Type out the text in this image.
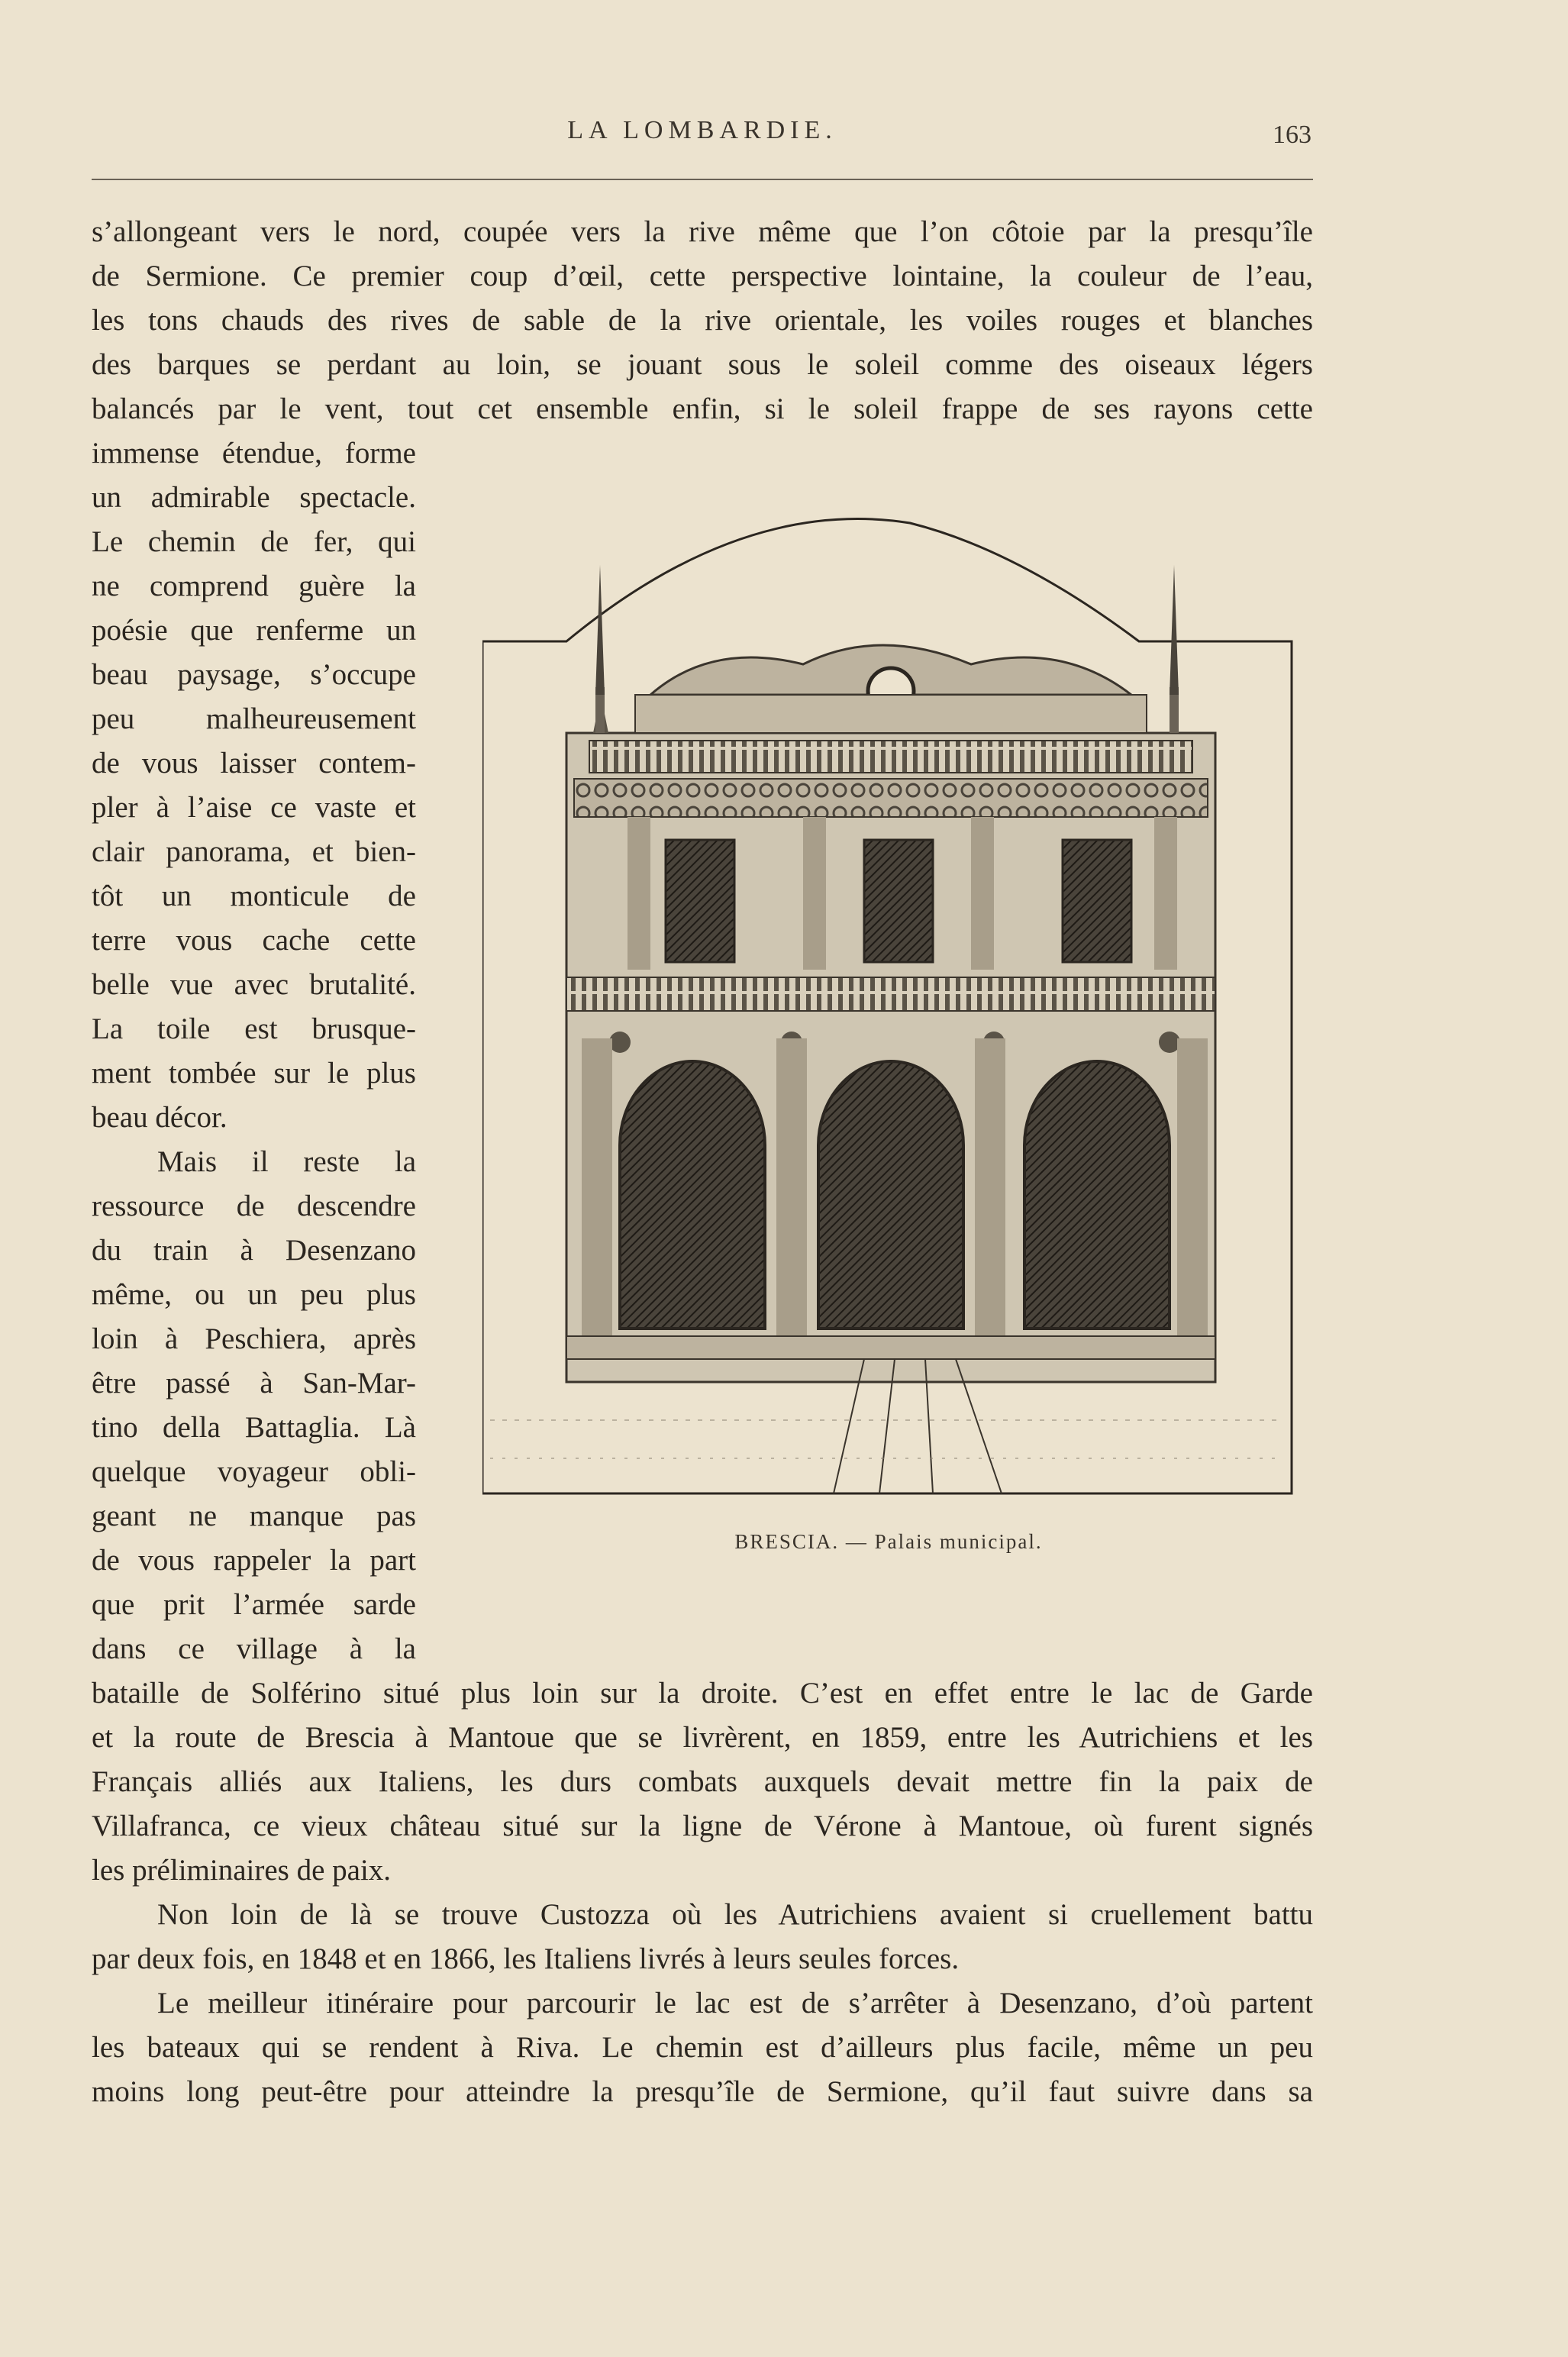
LA LOMBARDIE.	163
s’allongeant vers le nord, coupée vers la rive même que l’on côtoie par la presqu’île
de Sermione. Ce premier coup d’œil, cette perspective lointaine, la couleur de l’eau,
les tons chauds des rives de sable de la rive orientale, les voiles rouges et blanches
des barques se perdant au loin, se jouant sous le soleil comme des oiseaux légers
balancés par le vent, tout cet ensemble enfin, si le soleil frappe de ses rayons cette
immense étendue, forme
un admirable spectacle.
Le chemin de fer, qui
ne comprend guère la
poésie que renferme un
beau paysage, s’occupe
peu malheureusement
de vous laisser contem-
pler à l’aise ce vaste et
clair panorama, et bien-
tôt un monticule de
terre vous cache cette
belle vue avec brutalité.
La toile est brusque-
ment tombée sur le plus
beau décor.
Mais il reste la
ressource de descendre
du train à Desenzano
même, ou un peu plus
loin à Peschiera, après
être passé à San-Mar-
tino della Battaglia. Là
quelque voyageur obli-
geant ne manque pas
de vous rappeler la part
que prit l’armée sarde
dans ce village à la
bataille de Solférino situé plus loin sur la droite. C’est en effet entre le lac de Garde
et la route de Brescia à Mantoue que se livrèrent, en 1859, entre les Autrichiens et les
Français alliés aux Italiens, les durs combats auxquels devait mettre fin la paix de
Villafranca, ce vieux château situé sur la ligne de Vérone à Mantoue, où furent signés
les préliminaires de paix.
Non loin de là se trouve Custozza où les Autrichiens avaient si cruellement battu
par deux fois, en 1848 et en 1866, les Italiens livrés à leurs seules forces.
Le meilleur itinéraire pour parcourir le lac est de s’arrêter à Desenzano, d’où partent
les bateaux qui se rendent à Riva. Le chemin est d’ailleurs plus facile, même un peu
moins long peut-être pour atteindre la presqu’île de Sermione, qu’il faut suivre dans sa
BRESCIA. — Palais municipal.
